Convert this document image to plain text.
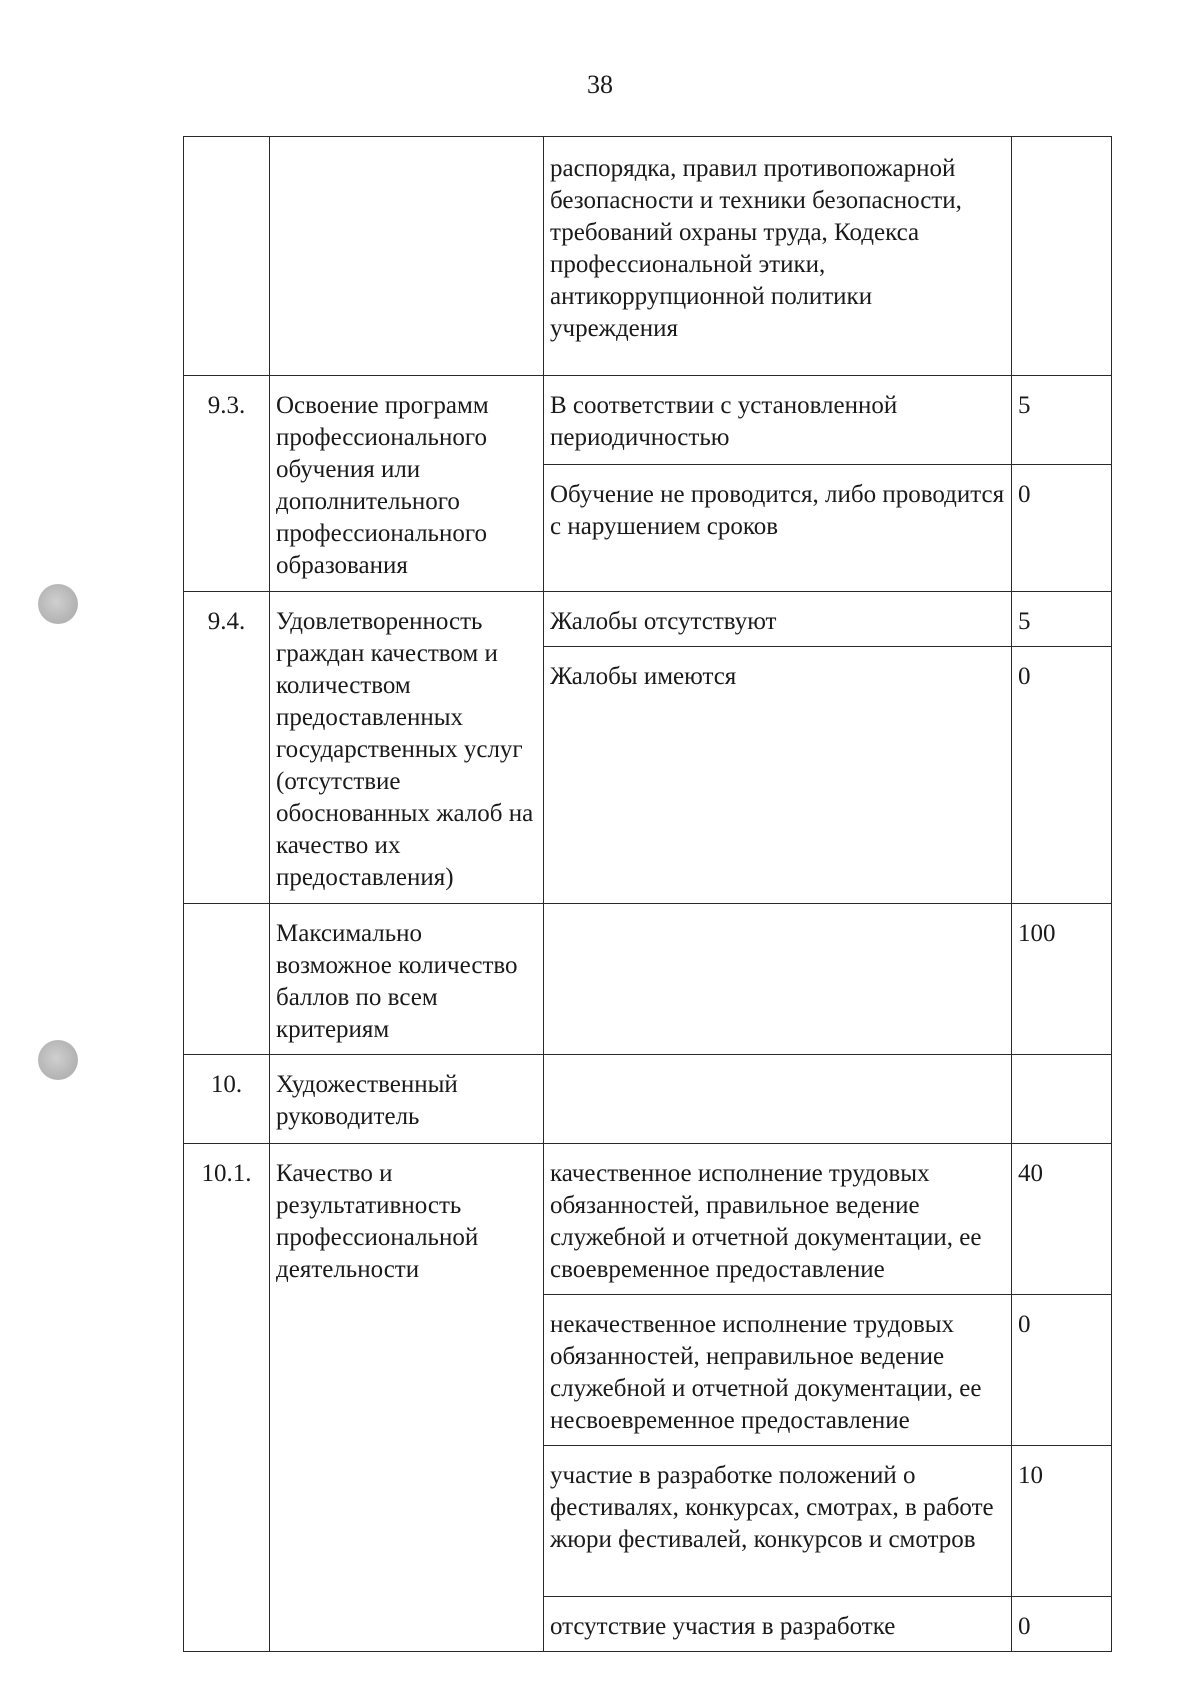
38
		распорядка, правил противопожарной безопасности и техники безопасности, требований охраны труда, Кодекса профессиональной этики, антикоррупционной политики учреждения	
9.3.	Освоение программ профессионального обучения или дополнительного профессионального образования	В соответствии с установленной периодичностью	5
		Обучение не проводится, либо проводится с нарушением сроков	0
9.4.	Удовлетворенность граждан качеством и количеством предоставленных государственных услуг (отсутствие обоснованных жалоб на качество их предоставления)	Жалобы отсутствуют	5
		Жалобы имеются	0
	Максимально возможное количество баллов по всем критериям		100
10.	Художественный руководитель		
10.1.	Качество и результативность профессиональной деятельности	качественное исполнение трудовых обязанностей, правильное ведение служебной и отчетной документации, ее своевременное предоставление	40
		некачественное исполнение трудовых обязанностей, неправильное ведение служебной и отчетной документации, ее несвоевременное предоставление	0
		участие в разработке положений о фестивалях, конкурсах, смотрах, в работе жюри фестивалей, конкурсов и смотров	10
		отсутствие участия в разработке	0
